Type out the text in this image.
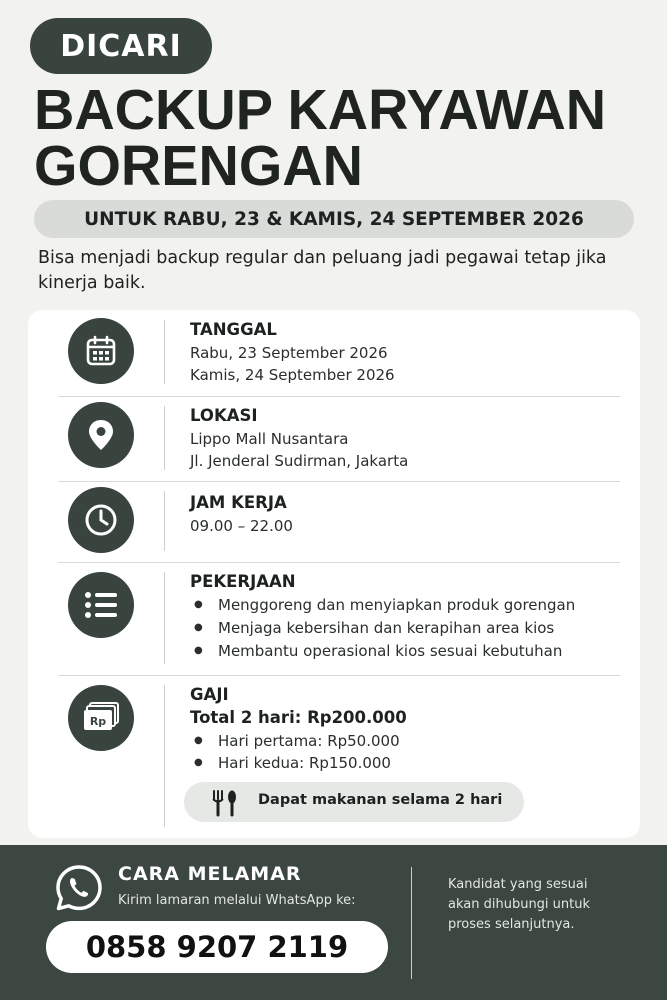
DICARI
BACKUP KARYAWAN
GORENGAN
UNTUK RABU, 23 & KAMIS, 24 SEPTEMBER 2026
Bisa menjadi backup regular dan peluang jadi pegawai tetap jika kinerja baik.
TANGGAL
Rabu, 23 September 2026
Kamis, 24 September 2026
LOKASI
Lippo Mall Nusantara
Jl. Jenderal Sudirman, Jakarta
JAM KERJA
09.00 – 22.00
PEKERJAAN
● Menggoreng dan menyiapkan produk gorengan
● Menjaga kebersihan dan kerapihan area kios
● Membantu operasional kios sesuai kebutuhan
Rp
GAJI
Total 2 hari: Rp200.000
● Hari pertama: Rp50.000
● Hari kedua: Rp150.000
Dapat makanan selama 2 hari
CARA MELAMAR
Kirim lamaran melalui WhatsApp ke:
0858 9207 2119
Kandidat yang sesuai akan dihubungi untuk proses selanjutnya.
